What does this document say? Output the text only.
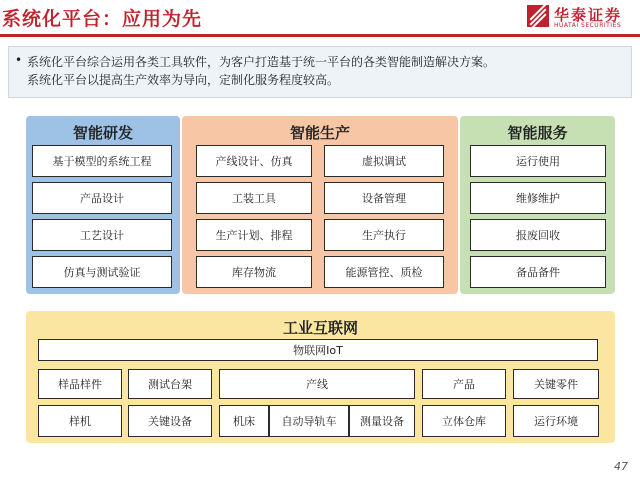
系统化平台：应用为先	华泰证券
HUATAI SECURITIES
• 系统化平台综合运用各类工具软件，为客户打造基于统一平台的各类智能制造解决方案。
系统化平台以提高生产效率为导向，定制化服务程度较高。
智能研发
基于模型的系统工程
产品设计
工艺设计
仿真与测试验证
智能生产
产线设计、仿真	虚拟调试
工装工具	设备管理
生产计划、排程	生产执行
库存物流	能源管控、质检
智能服务
运行使用
维修维护
报废回收
备品备件
工业互联网
物联网IoT
样品样件	测试台架	产线	产品	关键零件
样机	关键设备	机床	自动导轨车	测量设备	立体仓库	运行环境
47
